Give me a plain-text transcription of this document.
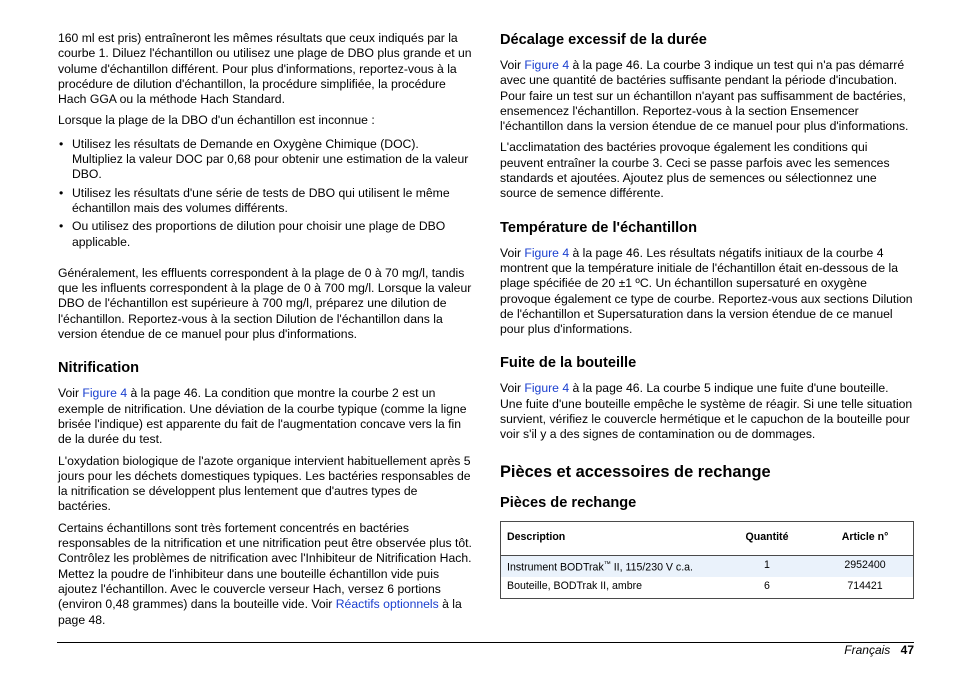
160 ml est pris) entraîneront les mêmes résultats que ceux indiqués par la courbe 1. Diluez l'échantillon ou utilisez une plage de DBO plus grande et un volume d'échantillon différent. Pour plus d'informations, reportez-vous à la procédure de dilution d'échantillon, la procédure simplifiée, la procédure Hach GGA ou la méthode Hach Standard.

Lorsque la plage de la DBO d'un échantillon est inconnue :

• Utilisez les résultats de Demande en Oxygène Chimique (DOC). Multipliez la valeur DOC par 0,68 pour obtenir une estimation de la valeur DBO.
• Utilisez les résultats d'une série de tests de DBO qui utilisent le même échantillon mais des volumes différents.
• Ou utilisez des proportions de dilution pour choisir une plage de DBO applicable.

Généralement, les effluents correspondent à la plage de 0 à 70 mg/l, tandis que les influents correspondent à la plage de 0 à 700 mg/l. Lorsque la valeur DBO de l'échantillon est supérieure à 700 mg/l, préparez une dilution de l'échantillon. Reportez-vous à la section Dilution de l'échantillon dans la version étendue de ce manuel pour plus d'informations.

Nitrification

Voir Figure 4 à la page 46. La condition que montre la courbe 2 est un exemple de nitrification. Une déviation de la courbe typique (comme la ligne brisée l'indique) est apparente du fait de l'augmentation concave vers la fin de la durée du test.

L'oxydation biologique de l'azote organique intervient habituellement après 5 jours pour les déchets domestiques typiques. Les bactéries responsables de la nitrification se développent plus lentement que d'autres types de bactéries.

Certains échantillons sont très fortement concentrés en bactéries responsables de la nitrification et une nitrification peut être observée plus tôt. Contrôlez les problèmes de nitrification avec l'Inhibiteur de Nitrification Hach. Mettez la poudre de l'inhibiteur dans une bouteille échantillon vide puis ajoutez l'échantillon. Avec le couvercle verseur Hach, versez 6 portions (environ 0,48 grammes) dans la bouteille vide. Voir Réactifs optionnels à la page 48.

Décalage excessif de la durée

Voir Figure 4 à la page 46. La courbe 3 indique un test qui n'a pas démarré avec une quantité de bactéries suffisante pendant la période d'incubation. Pour faire un test sur un échantillon n'ayant pas suffisamment de bactéries, ensemencez l'échantillon. Reportez-vous à la section Ensemencer l'échantillon dans la version étendue de ce manuel pour plus d'informations.

L'acclimatation des bactéries provoque également les conditions qui peuvent entraîner la courbe 3. Ceci se passe parfois avec les semences standards et ajoutées. Ajoutez plus de semences ou sélectionnez une source de semence différente.

Température de l'échantillon

Voir Figure 4 à la page 46. Les résultats négatifs initiaux de la courbe 4 montrent que la température initiale de l'échantillon était en-dessous de la plage spécifiée de 20 ±1 ºC. Un échantillon supersaturé en oxygène provoque également ce type de courbe. Reportez-vous aux sections Dilution de l'échantillon et Supersaturation dans la version étendue de ce manuel pour plus d'informations.

Fuite de la bouteille

Voir Figure 4 à la page 46. La courbe 5 indique une fuite d'une bouteille. Une fuite d'une bouteille empêche le système de réagir. Si une telle situation survient, vérifiez le couvercle hermétique et le capuchon de la bouteille pour voir s'il y a des signes de contamination ou de dommages.

Pièces et accessoires de rechange
Pièces de rechange
Description	Quantité	Article n°
Instrument BODTrak™ II, 115/230 V c.a.	1	2952400
Bouteille, BODTrak II, ambre	6	714421
Français 47
